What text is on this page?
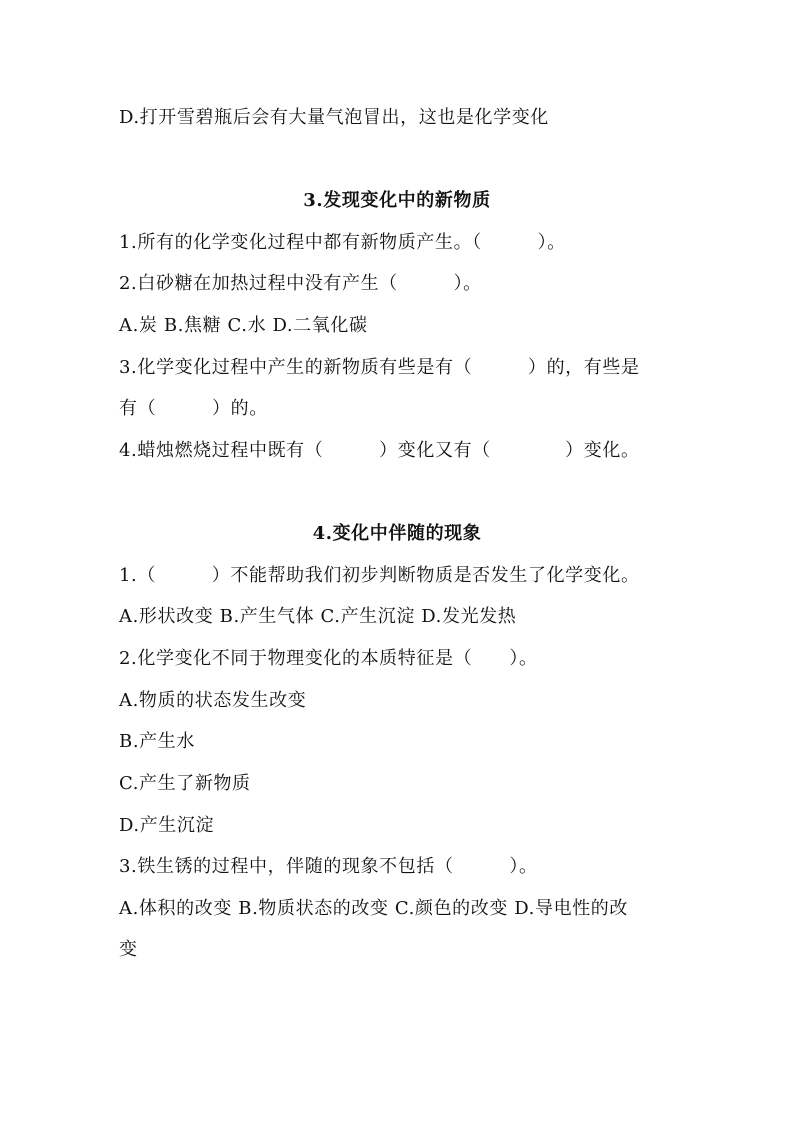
D.打开雪碧瓶后会有大量气泡冒出，这也是化学变化
3.发现变化中的新物质
1.所有的化学变化过程中都有新物质产生。（　　　）。
2.白砂糖在加热过程中没有产生（　　　）。
A.炭 B.焦糖 C.水 D.二氧化碳
3.化学变化过程中产生的新物质有些是有（　　　）的，有些是
有（　　　）的。
4.蜡烛燃烧过程中既有（　　　）变化又有（　　　　）变化。
4.变化中伴随的现象
1.（　　　）不能帮助我们初步判断物质是否发生了化学变化。
A.形状改变 B.产生气体 C.产生沉淀 D.发光发热
2.化学变化不同于物理变化的本质特征是（　　）。
A.物质的状态发生改变
B.产生水
C.产生了新物质
D.产生沉淀
3.铁生锈的过程中，伴随的现象不包括（　　　）。
A.体积的改变 B.物质状态的改变 C.颜色的改变 D.导电性的改
变
